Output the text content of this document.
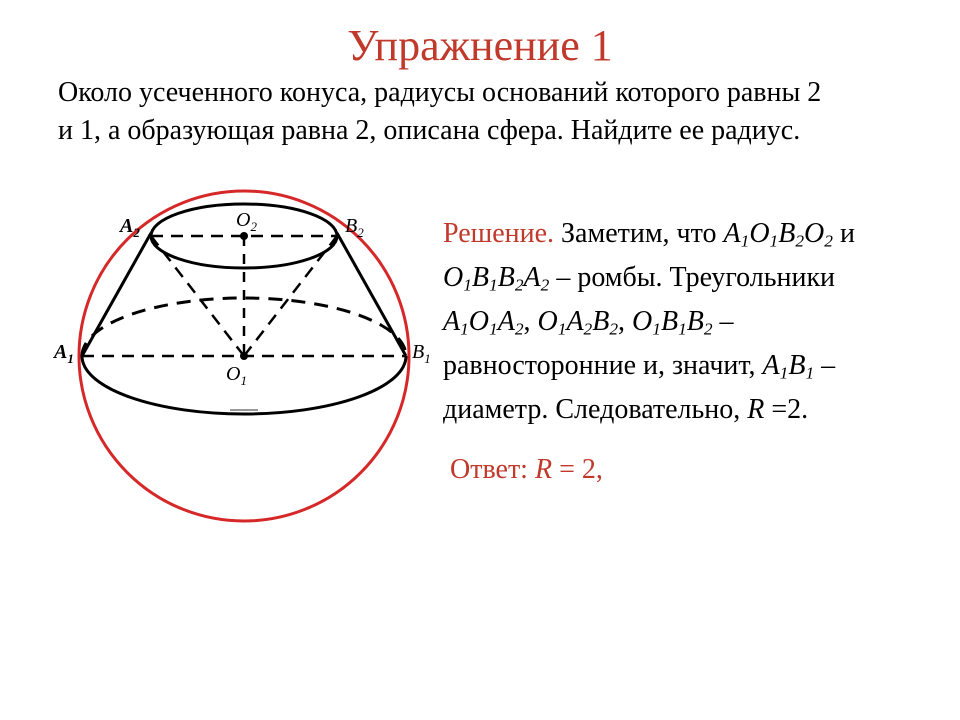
Упражнение 1
Около усеченного конуса, радиусы оснований которого равны 2
и 1, а образующая равна 2, описана сфера. Найдите ее радиус.
$A_2$
$O_2$	$B_2$
$A_1$	$B_1$
$O_1$
Решение. Заметим, что $A_1O_1B_2O_2$ и
$O_1B_1B_2A_2$ – ромбы. Треугольники
$A_1O_1A_2$, $O_1A_2B_2$, $O_1B_1B_2$ –
равносторонние и, значит, $A_1B_1$ –
диаметр. Следовательно, R =2.
Ответ: R = 2,
